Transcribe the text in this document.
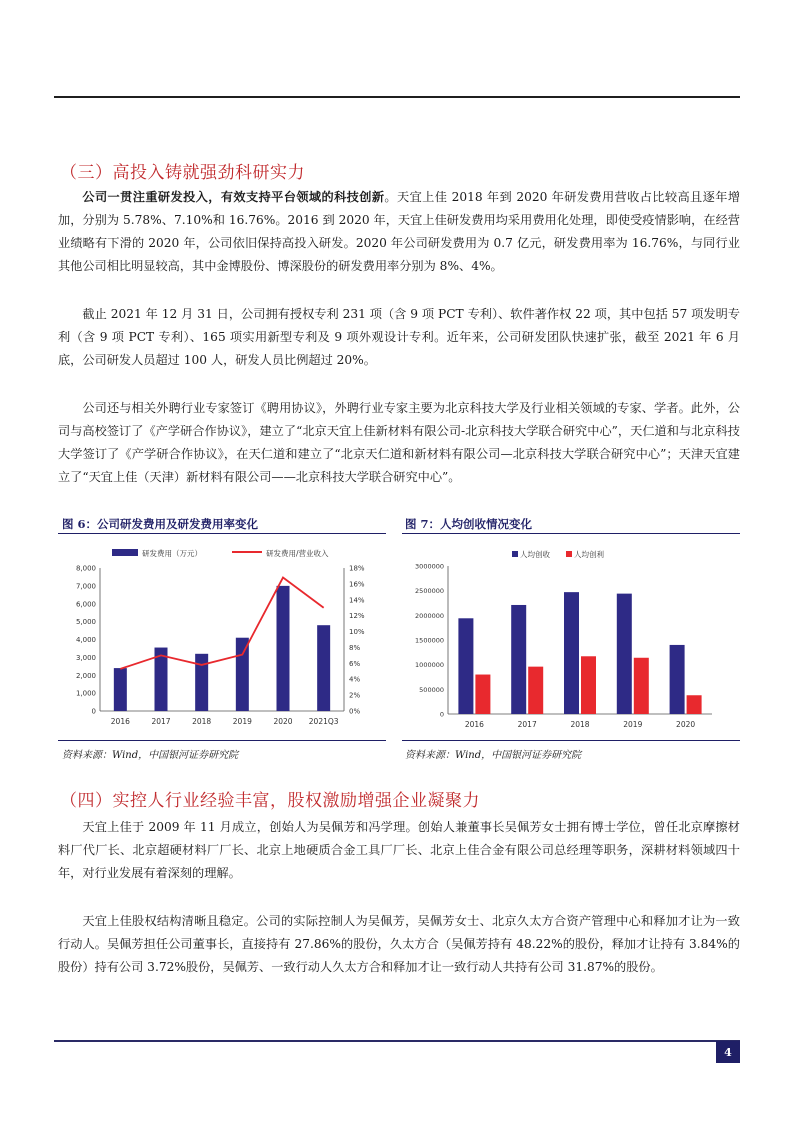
（三）高投入铸就强劲科研实力

公司一贯注重研发投入，有效支持平台领域的科技创新。天宜上佳 2018 年到 2020 年研发费用营收占比较高且逐年增加，分别为 5.78%、7.10%和 16.76%。2016 到 2020 年，天宜上佳研发费用均采用费用化处理，即使受疫情影响，在经营业绩略有下滑的 2020 年，公司依旧保持高投入研发。2020 年公司研发费用为 0.7 亿元，研发费用率为 16.76%，与同行业其他公司相比明显较高，其中金博股份、博深股份的研发费用率分别为 8%、4%。

截止 2021 年 12 月 31 日，公司拥有授权专利 231 项（含 9 项 PCT 专利）、软件著作权 22 项，其中包括 57 项发明专利（含 9 项 PCT 专利）、165 项实用新型专利及 9 项外观设计专利。近年来，公司研发团队快速扩张，截至 2021 年 6 月底，公司研发人员超过 100 人，研发人员比例超过 20%。

公司还与相关外聘行业专家签订《聘用协议》，外聘行业专家主要为北京科技大学及行业相关领域的专家、学者。此外，公司与高校签订了《产学研合作协议》，建立了“北京天宜上佳新材料有限公司-北京科技大学联合研究中心”，天仁道和与北京科技大学签订了《产学研合作协议》，在天仁道和建立了“北京天仁道和新材料有限公司—北京科技大学联合研究中心”；天津天宜建立了“天宜上佳（天津）新材料有限公司——北京科技大学联合研究中心”。

图 6：公司研发费用及研发费用率变化
研发费用（万元）	研发费用/营业收入
0
1,000
2,000
3,000
4,000
5,000
6,000
7,000
8,000
0%
2%
4%
6%
8%
10%
12%
14%
16%
18%
2016	2017	2018	2019	2020 2021Q3
资料来源：Wind，中国银河证券研究院
图 7：人均创收情况变化
人均创收	人均创利
0
500000
1000000
1500000
2000000
2500000
3000000
2016	2017	2018	2019	2020
资料来源：Wind，中国银河证券研究院
（四）实控人行业经验丰富，股权激励增强企业凝聚力

天宜上佳于 2009 年 11 月成立，创始人为吴佩芳和冯学理。创始人兼董事长吴佩芳女士拥有博士学位，曾任北京摩擦材料厂代厂长、北京超硬材料厂厂长、北京上地硬质合金工具厂厂长、北京上佳合金有限公司总经理等职务，深耕材料领域四十年，对行业发展有着深刻的理解。

天宜上佳股权结构清晰且稳定。公司的实际控制人为吴佩芳，吴佩芳女士、北京久太方合资产管理中心和释加才让为一致行动人。吴佩芳担任公司董事长，直接持有 27.86%的股份，久太方合（吴佩芳持有 48.22%的股份，释加才让持有 3.84%的股份）持有公司 3.72%股份，吴佩芳、一致行动人久太方合和释加才让一致行动人共持有公司 31.87%的股份。

4
